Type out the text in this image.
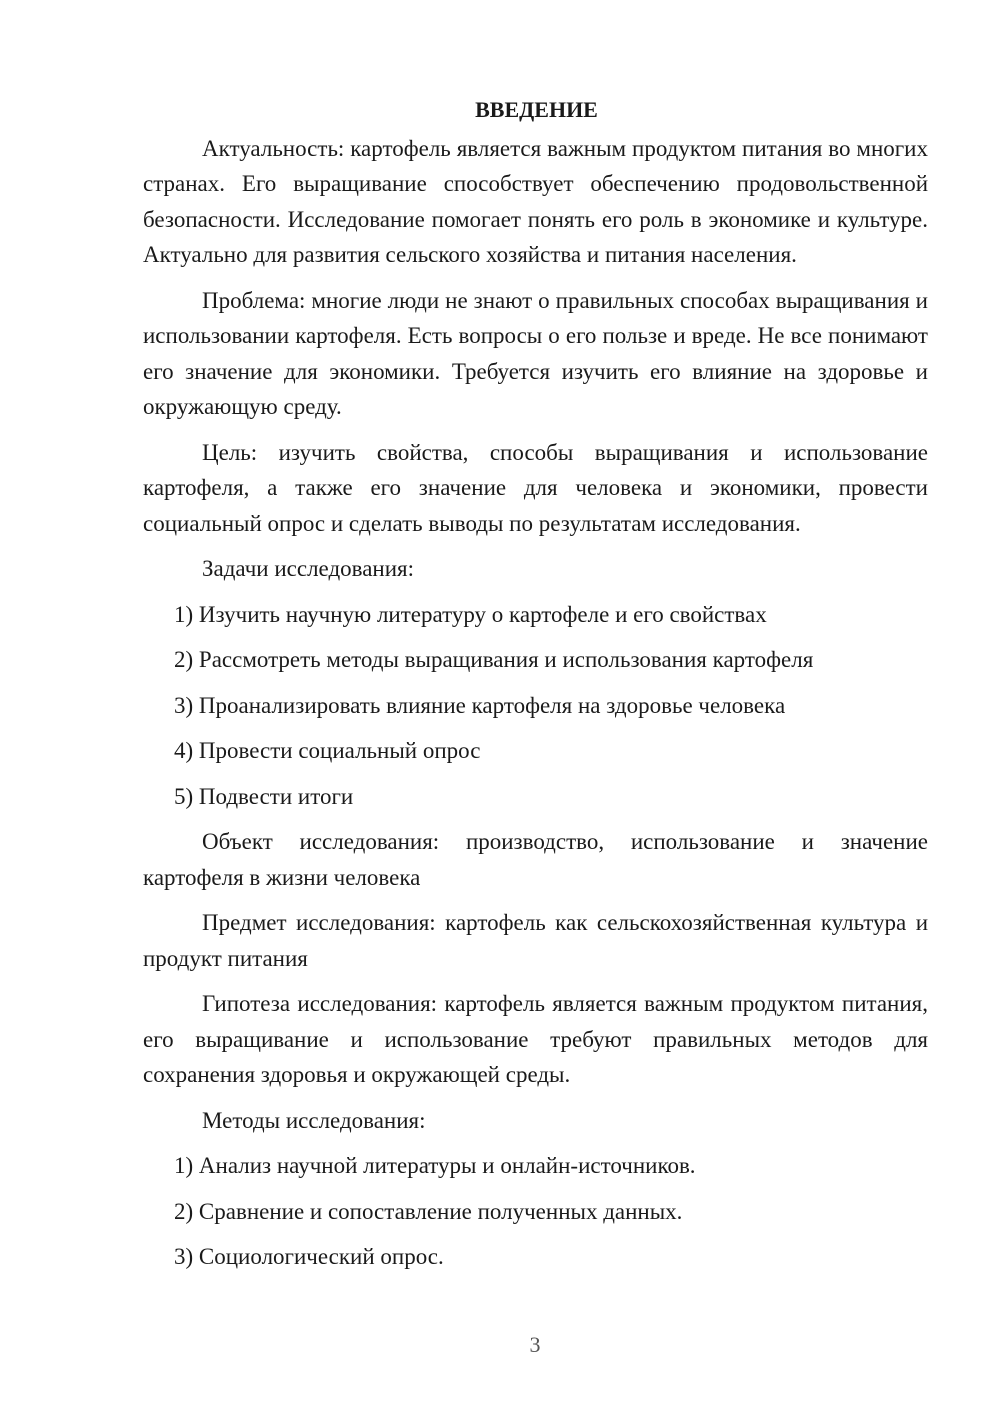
ВВЕДЕНИЕ

Актуальность: картофель является важным продуктом питания во многих странах. Его выращивание способствует обеспечению продовольственной безопасности. Исследование помогает понять его роль в экономике и культуре. Актуально для развития сельского хозяйства и питания населения.

Проблема: многие люди не знают о правильных способах выращивания и использовании картофеля. Есть вопросы о его пользе и вреде. Не все понимают его значение для экономики. Требуется изучить его влияние на здоровье и окружающую среду.

Цель: изучить свойства, способы выращивания и использование картофеля, а также его значение для человека и экономики, провести социальный опрос и сделать выводы по результатам исследования.

Задачи исследования:

1) Изучить научную литературу о картофеле и его свойствах
2) Рассмотреть методы выращивания и использования картофеля
3) Проанализировать влияние картофеля на здоровье человека
4) Провести социальный опрос
5) Подвести итоги

Объект исследования: производство, использование и значение картофеля в жизни человека

Предмет исследования: картофель как сельскохозяйственная культура и продукт питания

Гипотеза исследования: картофель является важным продуктом питания, его выращивание и использование требуют правильных методов для сохранения здоровья и окружающей среды.

Методы исследования:

1) Анализ научной литературы и онлайн-источников.
2) Сравнение и сопоставление полученных данных.
3) Социологический опрос.
3
